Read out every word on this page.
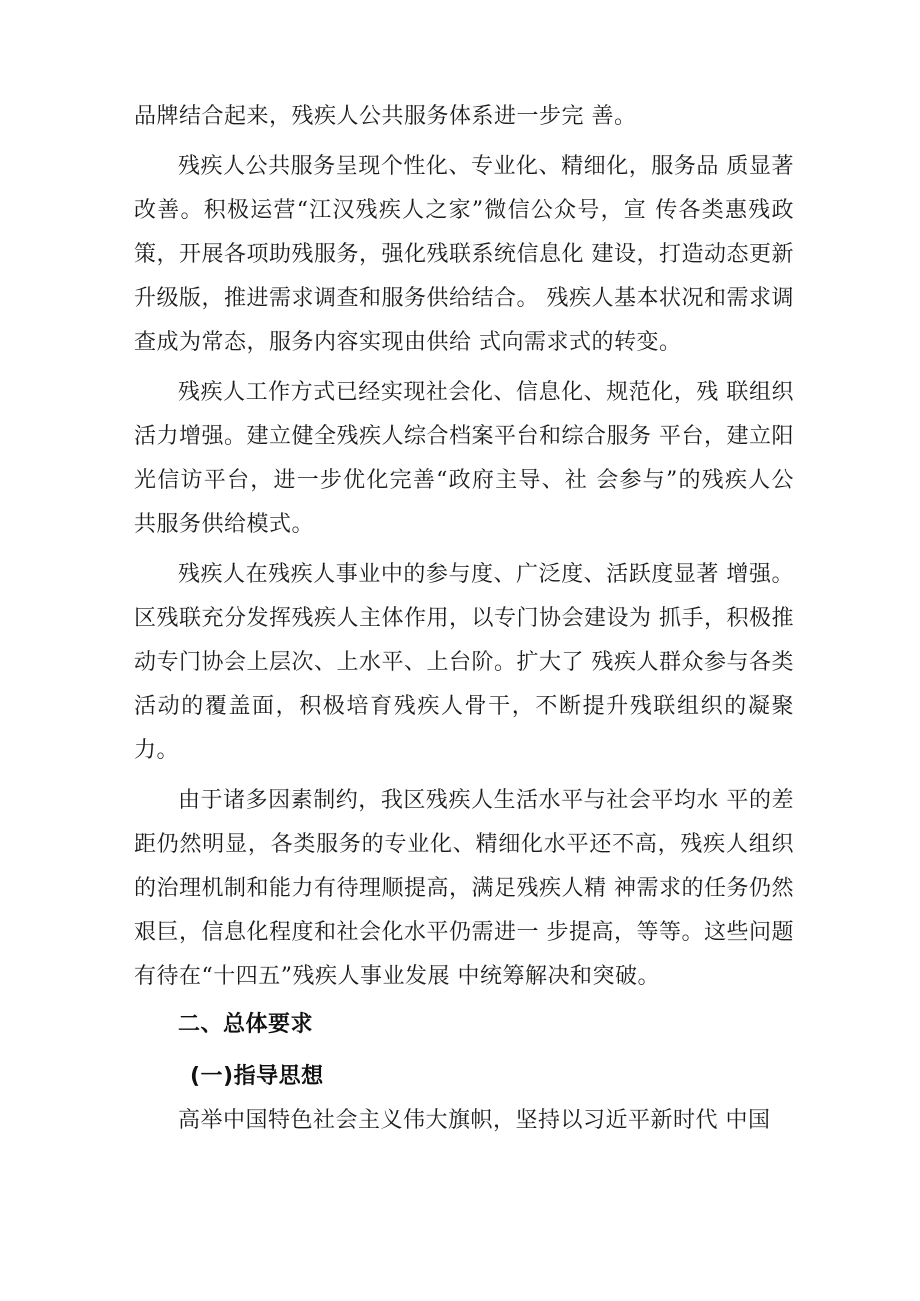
品牌结合起来，残疾人公共服务体系进一步完 善。

残疾人公共服务呈现个性化、专业化、精细化，服务品 质显著改善。积极运营“江汉残疾人之家”微信公众号，宣 传各类惠残政策，开展各项助残服务，强化残联系统信息化 建设，打造动态更新升级版，推进需求调查和服务供给结合。 残疾人基本状况和需求调查成为常态，服务内容实现由供给 式向需求式的转变。

残疾人工作方式已经实现社会化、信息化、规范化，残 联组织活力增强。建立健全残疾人综合档案平台和综合服务 平台，建立阳光信访平台，进一步优化完善“政府主导、社 会参与”的残疾人公共服务供给模式。

残疾人在残疾人事业中的参与度、广泛度、活跃度显著 增强。区残联充分发挥残疾人主体作用，以专门协会建设为 抓手，积极推动专门协会上层次、上水平、上台阶。扩大了 残疾人群众参与各类活动的覆盖面，积极培育残疾人骨干，不断提升残联组织的凝聚力。

由于诸多因素制约，我区残疾人生活水平与社会平均水 平的差距仍然明显，各类服务的专业化、精细化水平还不高，残疾人组织的治理机制和能力有待理顺提高，满足残疾人精 神需求的任务仍然艰巨，信息化程度和社会化水平仍需进一 步提高，等等。这些问题有待在“十四五”残疾人事业发展 中统筹解决和突破。

二、总体要求
(一)指导思想

高举中国特色社会主义伟大旗帜，坚持以习近平新时代 中国
